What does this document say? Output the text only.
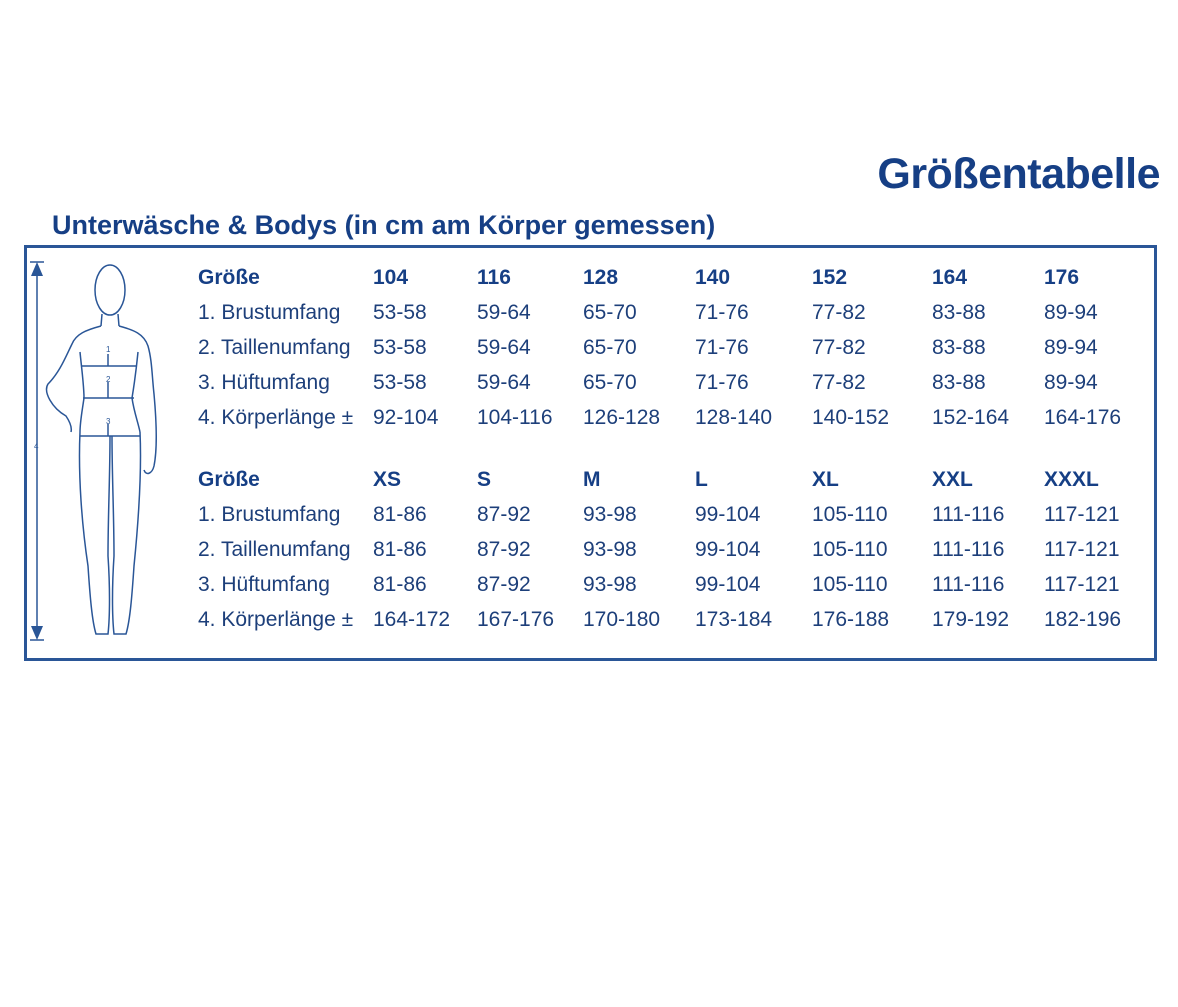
Größentabelle
Unterwäsche & Bodys (in cm am Körper gemessen)
1
2
3
4
Größe	104	116	128	140	152	164	176
1. Brustumfang	53-58	59-64	65-70	71-76	77-82	83-88	89-94
2. Taillenumfang	53-58	59-64	65-70	71-76	77-82	83-88	89-94
3. Hüftumfang	53-58	59-64	65-70	71-76	77-82	83-88	89-94
4. Körperlänge ±	92-104	104-116	126-128	128-140	140-152	152-164	164-176
Größe	XS	S	M	L	XL	XXL	XXXL
1. Brustumfang	81-86	87-92	93-98	99-104	105-110	111-116	117-121
2. Taillenumfang	81-86	87-92	93-98	99-104	105-110	111-116	117-121
3. Hüftumfang	81-86	87-92	93-98	99-104	105-110	111-116	117-121
4. Körperlänge ±	164-172	167-176	170-180	173-184	176-188	179-192	182-196
